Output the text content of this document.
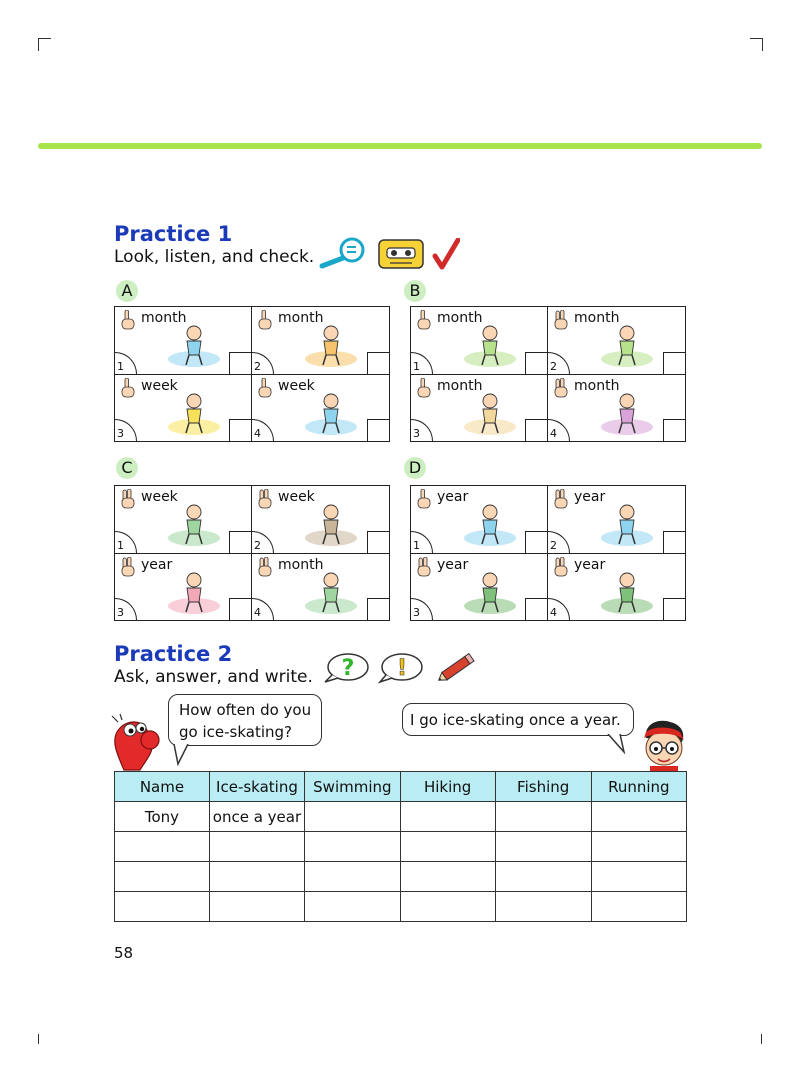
Practice 1
Look, listen, and check.
A	B
C	D
month
1
month
2
week
3
week
4
month
1
month
2
month
3
month
4
week
1
week
2
year
3
month
4
year
1
year
2
year
3
year
4
Practice 2
Ask, answer, and write. ? !
How often do you
go ice-skating?
I go ice-skating once a year.
Name	Ice-skating	Swimming	Hiking	Fishing	Running
Tony	once a year				

58
